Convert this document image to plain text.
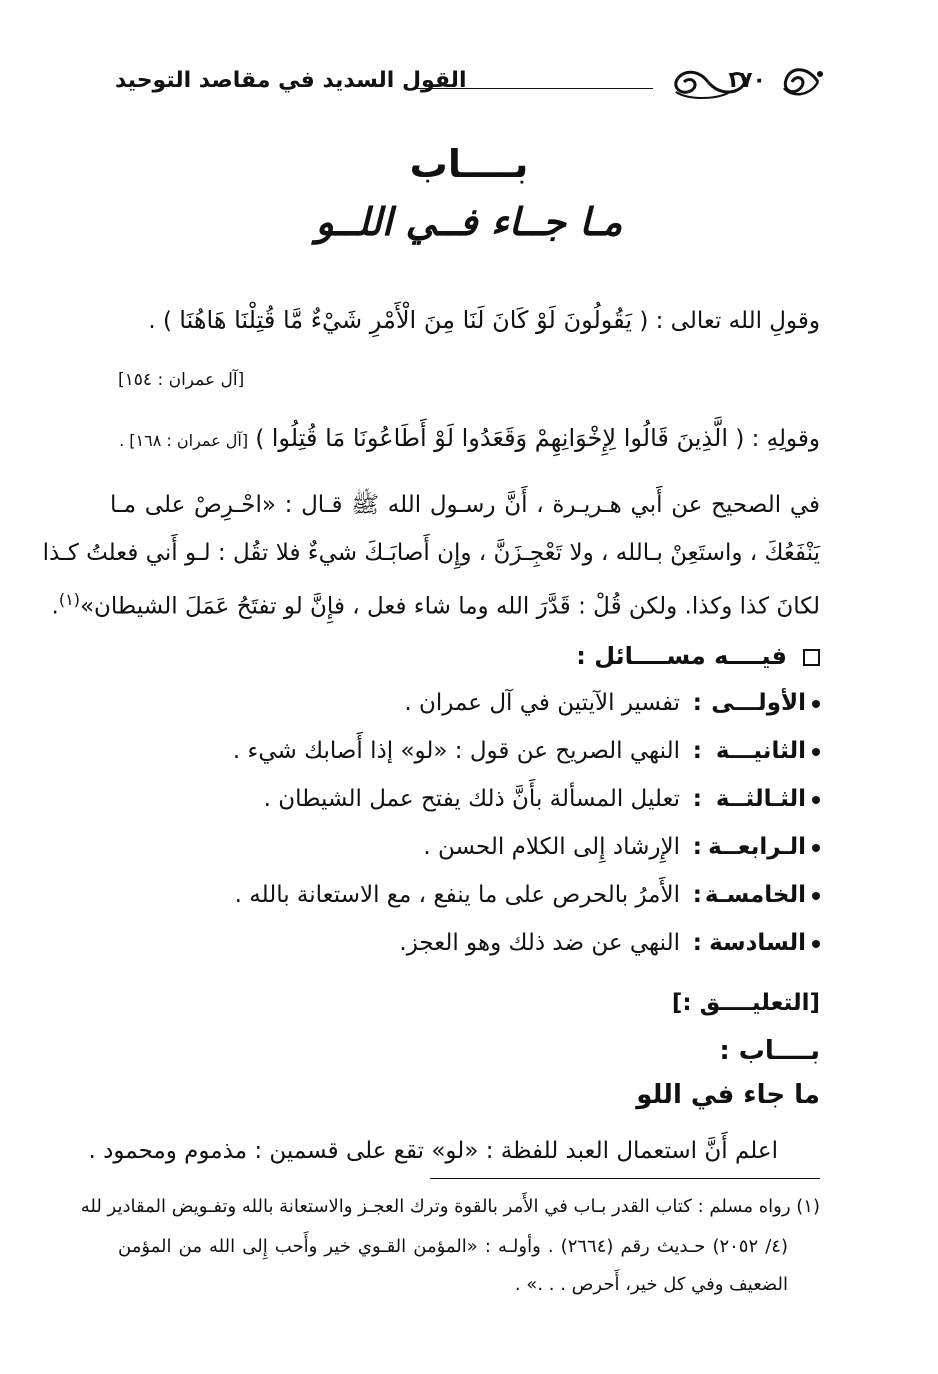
١٧٠
القول السديد في مقاصد التوحيد
بــــاب
مـا جــاء فــي اللــو
وقولِ الله تعالى : ( يَقُولُونَ لَوْ كَانَ لَنَا مِنَ الْأَمْرِ شَيْءٌ مَّا قُتِلْنَا هَاهُنَا ) .
[آل عمران : ١٥٤]
وقولِهِ : ( الَّذِينَ قَالُوا لِإِخْوَانِهِمْ وَقَعَدُوا لَوْ أَطَاعُونَا مَا قُتِلُوا ) [آل عمران : ١٦٨] .
في الصحيح عن أَبي هـريـرة ، أَنَّ رسـول الله ﷺ قـال : «احْـرِصْ على مـا
يَنْفَعُكَ ، واستَعِنْ بـالله ، ولا تَعْجِـزَنَّ ، وإِن أَصابَـكَ شيءٌ فلا تقُل : لـو أَني فعلتُ كـذا
لكانَ كذا وكذا. ولكن قُلْ : قَدَّرَ الله وما شاء فعل ، فإِنَّ لو تفتَحُ عَمَلَ الشيطان»$^{(١)}$.
فيــــه مســــائل :
الأولـــى:تفسير الآيتين في آل عمران .
الثانيـــة:النهي الصريح عن قول : «لو» إذا أَصابك شيء .
الثـالثــة:تعليل المسألة بأَنَّ ذلك يفتح عمل الشيطان .
الـرابعــة:الإِرشاد إِلى الكلام الحسن .
الخامسـة:الأَمرُ بالحرص على ما ينفع ، مع الاستعانة بالله .
السادسة:النهي عن ضد ذلك وهو العجز.
[التعليــــق :]
بــــاب :
ما جاء في اللو
اعلم أَنَّ استعمال العبد للفظة : «لو» تقع على قسمين : مذموم ومحمود .
(١) رواه مسلم : كتاب القدر بـاب في الأَمر بالقوة وترك العجـز والاستعانة بالله وتفـويض المقادير لله
(٤/ ٢٠٥٢) حـديث رقم (٢٦٦٤) . وأولـه : «المؤمن القـوي خير وأَحب إِلى الله من المؤمن
الضعيف وفي كل خير، أَحرص . . .» .
